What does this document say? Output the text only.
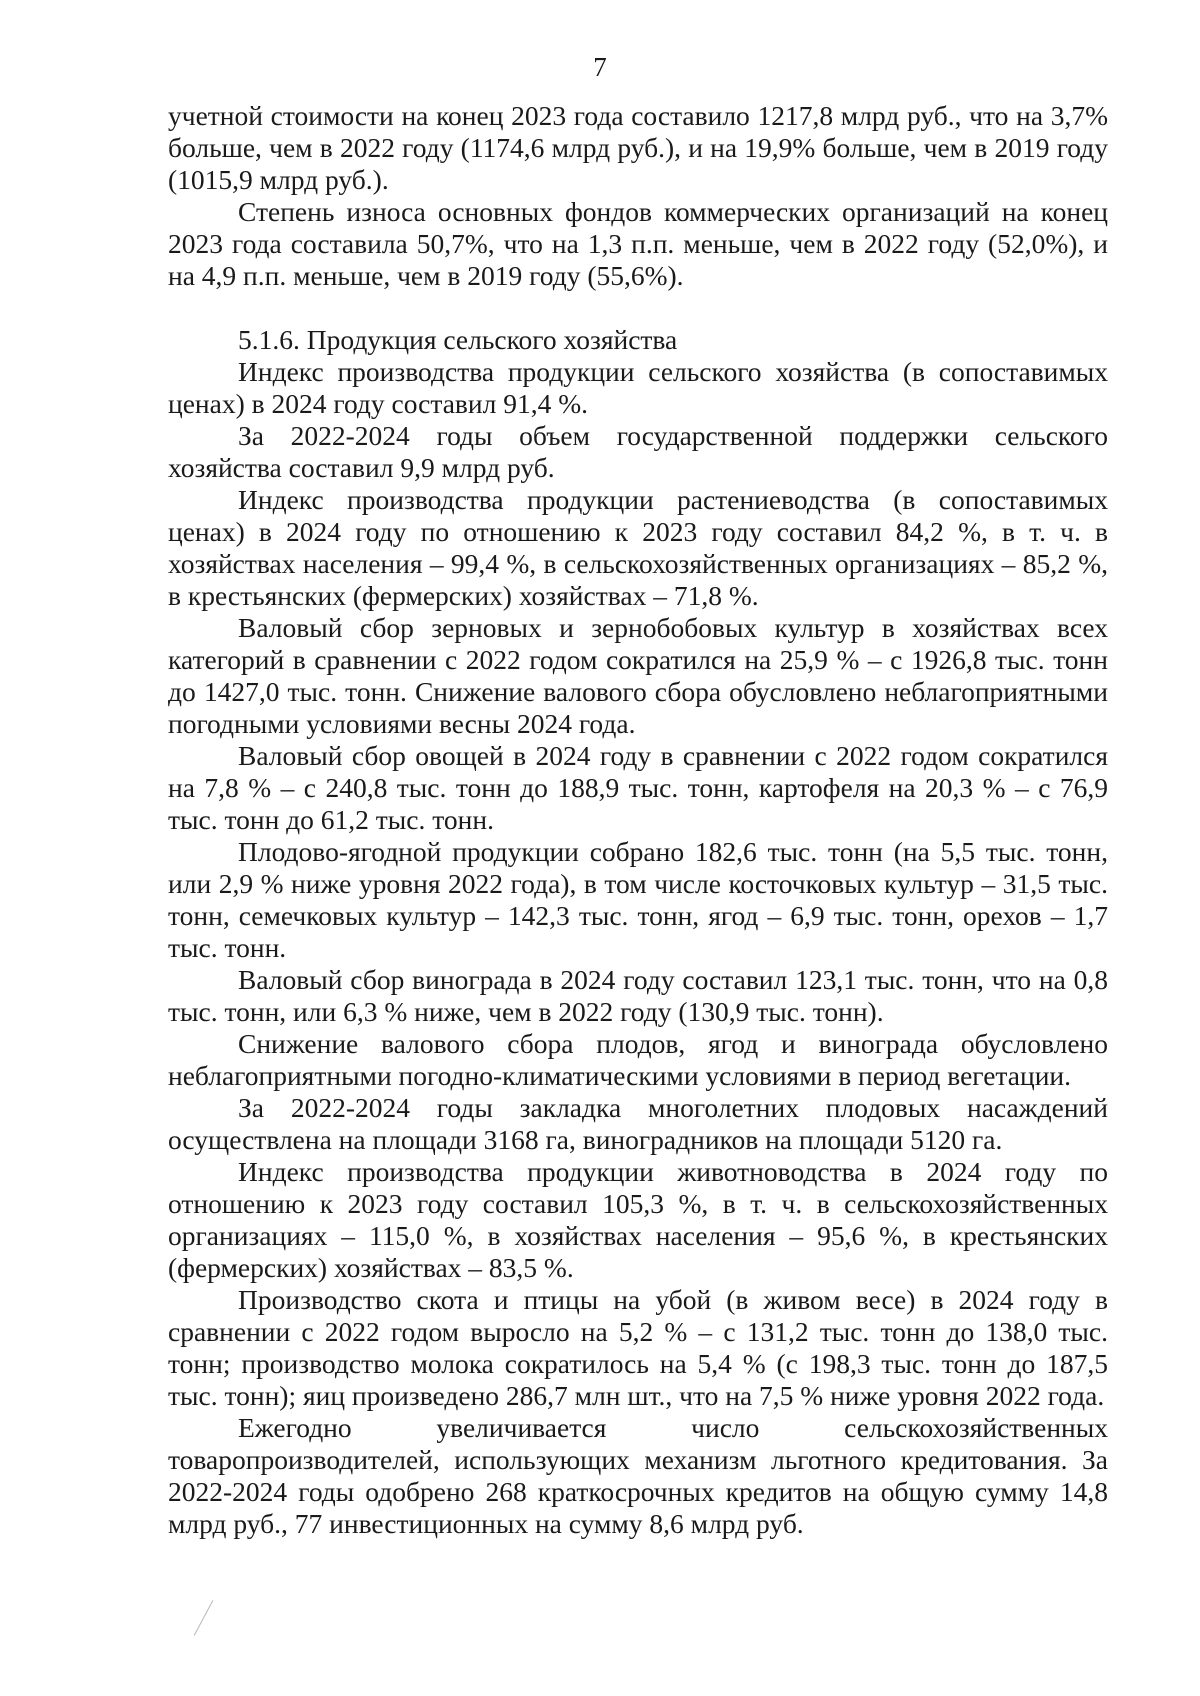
7

учетной стоимости на конец 2023 года составило 1217,8 млрд руб., что на 3,7% больше, чем в 2022 году (1174,6 млрд руб.), и на 19,9% больше, чем в 2019 году (1015,9 млрд руб.).

Степень износа основных фондов коммерческих организаций на конец 2023 года составила 50,7%, что на 1,3 п.п. меньше, чем в 2022 году (52,0%), и на 4,9 п.п. меньше, чем в 2019 году (55,6%).

5.1.6. Продукция сельского хозяйства

Индекс производства продукции сельского хозяйства (в сопоставимых ценах) в 2024 году составил 91,4 %.

За 2022-2024 годы объем государственной поддержки сельского хозяйства составил 9,9 млрд руб.

Индекс производства продукции растениеводства (в сопоставимых ценах) в 2024 году по отношению к 2023 году составил 84,2 %, в т. ч. в хозяйствах населения – 99,4 %, в сельскохозяйственных организациях – 85,2 %, в крестьянских (фермерских) хозяйствах – 71,8 %.

Валовый сбор зерновых и зернобобовых культур в хозяйствах всех категорий в сравнении с 2022 годом сократился на 25,9 % – с 1926,8 тыс. тонн до 1427,0 тыс. тонн. Снижение валового сбора обусловлено неблагоприятными погодными условиями весны 2024 года.

Валовый сбор овощей в 2024 году в сравнении с 2022 годом сократился на 7,8 % – с 240,8 тыс. тонн до 188,9 тыс. тонн, картофеля на 20,3 % – с 76,9 тыс. тонн до 61,2 тыс. тонн.

Плодово-ягодной продукции собрано 182,6 тыс. тонн (на 5,5 тыс. тонн, или 2,9 % ниже уровня 2022 года), в том числе косточковых культур – 31,5 тыс. тонн, семечковых культур – 142,3 тыс. тонн, ягод – 6,9 тыс. тонн, орехов – 1,7 тыс. тонн.

Валовый сбор винограда в 2024 году составил 123,1 тыс. тонн, что на 0,8 тыс. тонн, или 6,3 % ниже, чем в 2022 году (130,9 тыс. тонн).

Снижение валового сбора плодов, ягод и винограда обусловлено неблагоприятными погодно-климатическими условиями в период вегетации.

За 2022-2024 годы закладка многолетних плодовых насаждений осуществлена на площади 3168 га, виноградников на площади 5120 га.

Индекс производства продукции животноводства в 2024 году по отношению к 2023 году составил 105,3 %, в т. ч. в сельскохозяйственных организациях – 115,0 %, в хозяйствах населения – 95,6 %, в крестьянских (фермерских) хозяйствах – 83,5 %.

Производство скота и птицы на убой (в живом весе) в 2024 году в сравнении с 2022 годом выросло на 5,2 % – с 131,2 тыс. тонн до 138,0 тыс. тонн; производство молока сократилось на 5,4 % (с 198,3 тыс. тонн до 187,5 тыс. тонн); яиц произведено 286,7 млн шт., что на 7,5 % ниже уровня 2022 года.

Ежегодно увеличивается число сельскохозяйственных товаропроизводителей, использующих механизм льготного кредитования. За 2022-2024 годы одобрено 268 краткосрочных кредитов на общую сумму 14,8 млрд руб., 77 инвестиционных на сумму 8,6 млрд руб.
